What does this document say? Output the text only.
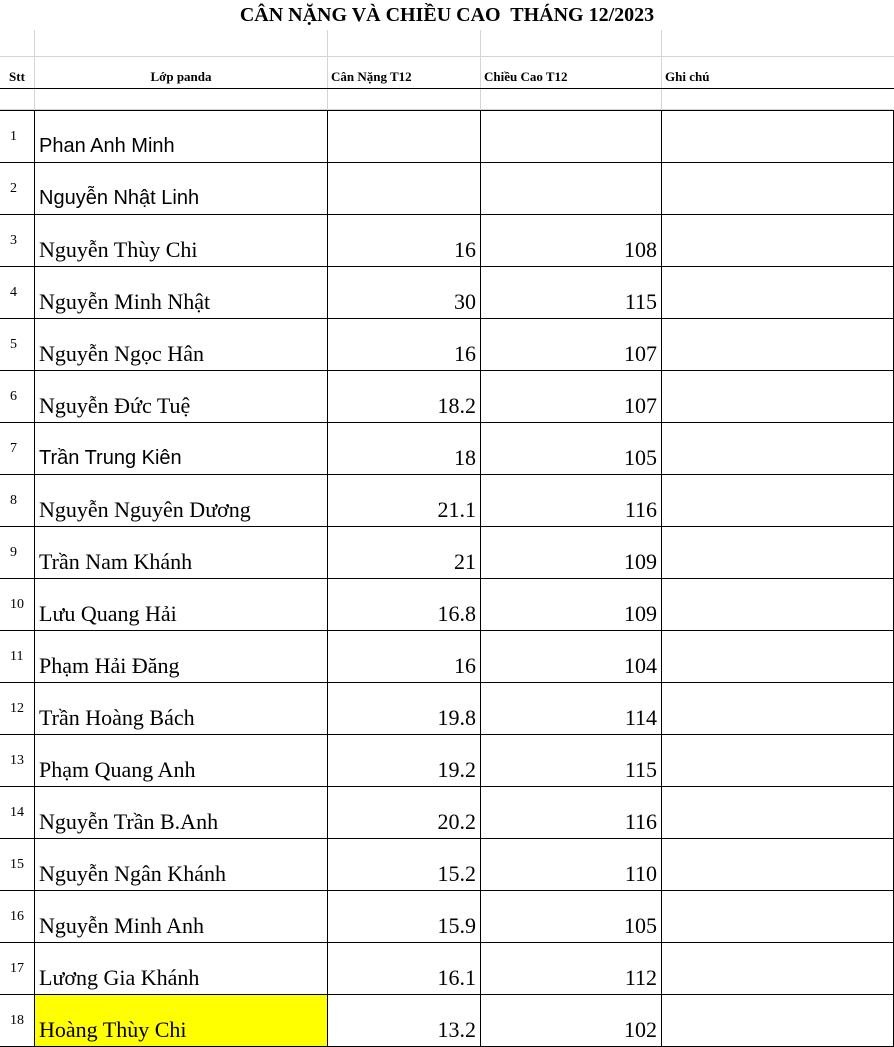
CÂN NẶNG VÀ CHIỀU CAO  THÁNG 12/2023
Stt	Lớp panda	Cân Nặng T12	Chiều Cao T12	Ghi chú
1	Phan Anh Minh
2	Nguyễn Nhật Linh
3	Nguyễn Thùy Chi	16	108
4	Nguyễn Minh Nhật	30	115
5	Nguyễn Ngọc Hân	16	107
6	Nguyễn Đức Tuệ	18.2	107
7	Trần Trung Kiên	18	105
8	Nguyễn Nguyên Dương	21.1	116
9	Trần Nam Khánh	21	109
10 Lưu Quang Hải	16.8	109
11 Phạm Hải Đăng	16	104
12 Trần Hoàng Bách	19.8	114
13 Phạm Quang Anh	19.2	115
14 Nguyễn Trần B.Anh	20.2	116
15 Nguyễn Ngân Khánh	15.2	110
16 Nguyễn Minh Anh	15.9	105
17 Lương Gia Khánh	16.1	112
18 Hoàng Thùy Chi	13.2	102
